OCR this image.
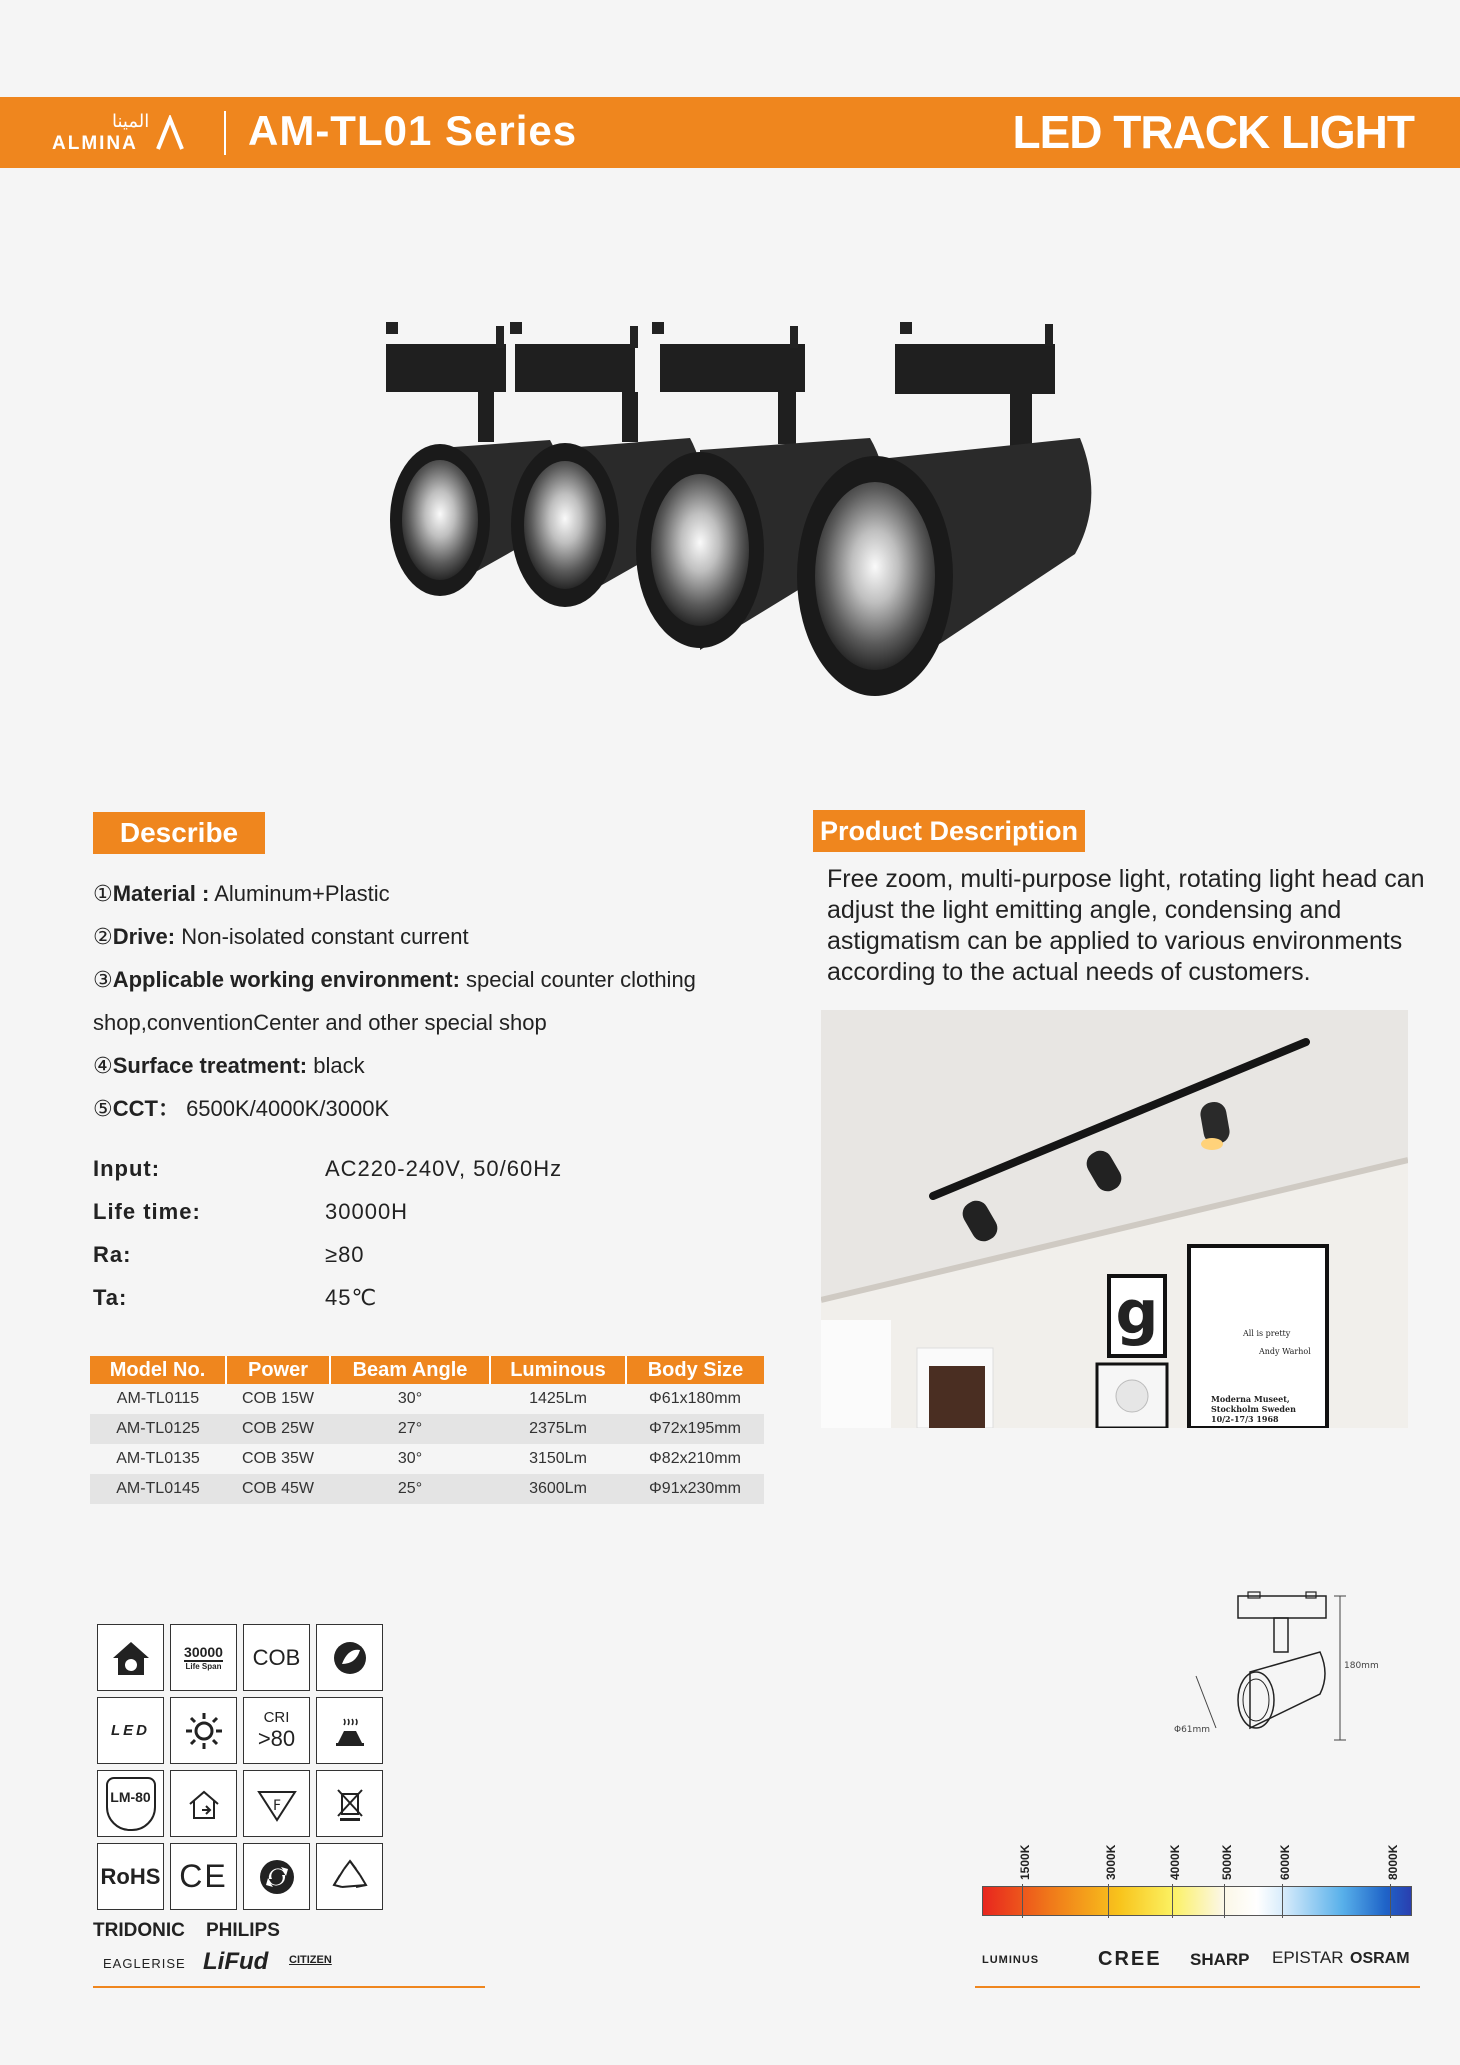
المينا
ALMINA	AM-TL01 Series	LED TRACK LIGHT
Describe
①Material : Aluminum+Plastic
②Drive: Non-isolated constant current
③Applicable working environment: special counter clothing
shop,conventionCenter and other special shop
④Surface treatment: black
⑤CCT： 6500K/4000K/3000K
Input:	AC220-240V, 50/60Hz
Life time:	30000H
Ra:	≥80
Ta:	45℃
Product Description
Free zoom, multi-purpose light, rotating light head can adjust the light emitting angle, condensing and astigmatism can be applied to various environments according to the actual needs of customers.
g	All is pretty
Andy Warhol
Moderna Museet,
Stockholm Sweden
10/2-17/3 1968
Model No.	Power	Beam Angle	Luminous	Body Size
AM-TL0115	COB 15W	30°	1425Lm	Φ61x180mm
AM-TL0125	COB 25W	27°	2375Lm	Φ72x195mm
AM-TL0135	COB 35W	30°	3150Lm	Φ82x210mm
AM-TL0145	COB 45W	25°	3600Lm	Φ91x230mm
30000
Life Span	COB
LED
CRI
>80
LM-80
F
RoHS CE
TRIDONIC PHILIPS
EAGLERISE LiFud CITIZEN
180mm
Φ61mm
1500K	3000K	4000K	5000K	6000K	8000K
LUMINUS	CREE SHARP EPISTAR OSRAM
